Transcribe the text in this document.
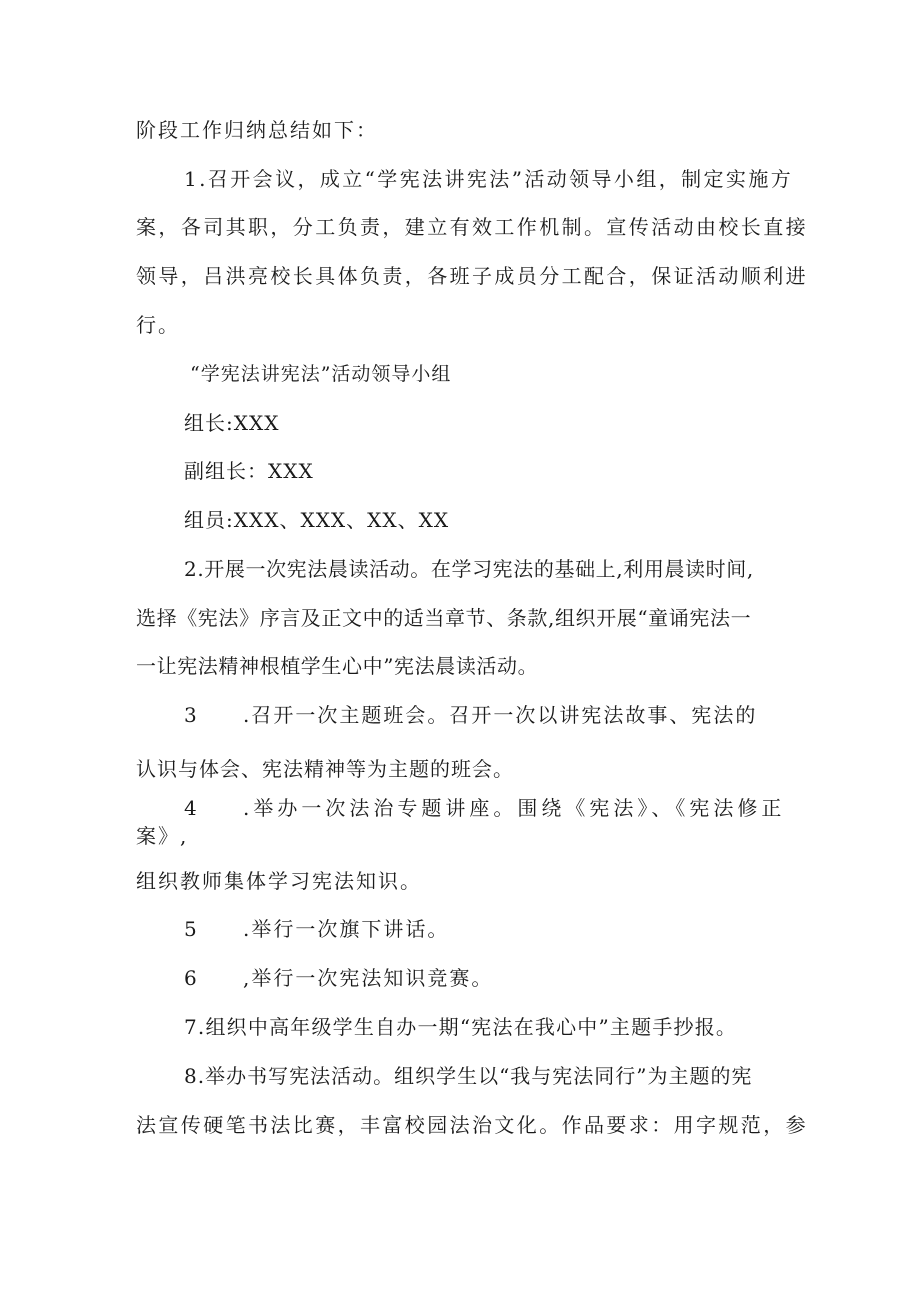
阶段工作归纳总结如下：
1.召开会议，成立“学宪法讲宪法”活动领导小组，制定实施方
案，各司其职，分工负责，建立有效工作机制。宣传活动由校长直接
领导，吕洪亮校长具体负责，各班子成员分工配合，保证活动顺利进
行。
“学宪法讲宪法”活动领导小组
组长:XXX
副组长：XXX
组员:XXX、XXX、XX、XX
2.开展一次宪法晨读活动。在学习宪法的基础上,利用晨读时间,
选择《宪法》序言及正文中的适当章节、条款,组织开展“童诵宪法一
一让宪法精神根植学生心中”宪法晨读活动。
3 .召开一次主题班会。召开一次以讲宪法故事、宪法的
认识与体会、宪法精神等为主题的班会。
4 .举办一次法治专题讲座。围绕《宪法》、《宪法修正
案》,
组织教师集体学习宪法知识。
5 .举行一次旗下讲话。
6 ,举行一次宪法知识竞赛。
7.组织中高年级学生自办一期“宪法在我心中”主题手抄报。
8.举办书写宪法活动。组织学生以“我与宪法同行”为主题的宪
法宣传硬笔书法比赛，丰富校园法治文化。作品要求：用字规范，参
